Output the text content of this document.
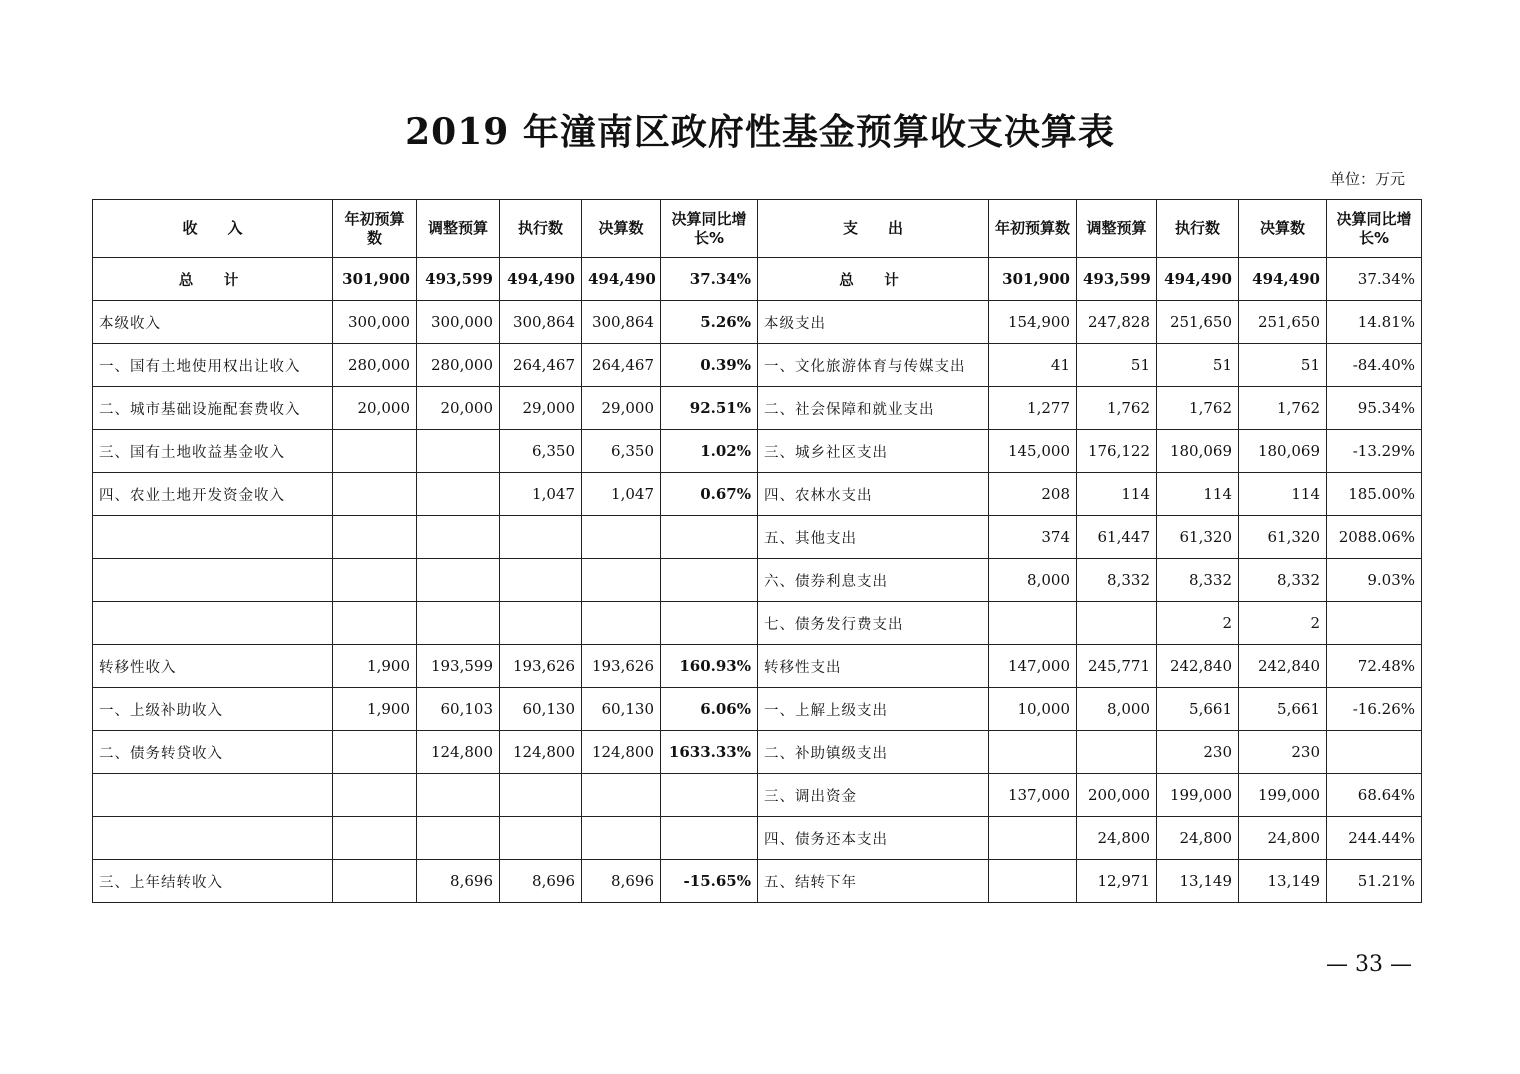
2019 年潼南区政府性基金预算收支决算表
单位：万元
收　　入	年初预算数	调整预算	执行数	决算数	决算同比增长%	支　　出	年初预算数	调整预算	执行数	决算数	决算同比增长%
总　计	301,900	493,599	494,490	494,490	37.34%	总　计	301,900	493,599	494,490	494,490	37.34%
本级收入	300,000	300,000	300,864	300,864	5.26%	本级支出	154,900	247,828	251,650	251,650	14.81%
一、国有土地使用权出让收入	280,000	280,000	264,467	264,467	0.39%	一、文化旅游体育与传媒支出	41	51	51	51	-84.40%
二、城市基础设施配套费收入	20,000	20,000	29,000	29,000	92.51%	二、社会保障和就业支出	1,277	1,762	1,762	1,762	95.34%
三、国有土地收益基金收入			6,350	6,350	1.02%	三、城乡社区支出	145,000	176,122	180,069	180,069	-13.29%
四、农业土地开发资金收入			1,047	1,047	0.67%	四、农林水支出	208	114	114	114	185.00%
						五、其他支出	374	61,447	61,320	61,320	2088.06%
						六、债券利息支出	8,000	8,332	8,332	8,332	9.03%
						七、债务发行费支出			2	2	
转移性收入	1,900	193,599	193,626	193,626	160.93%	转移性支出	147,000	245,771	242,840	242,840	72.48%
一、上级补助收入	1,900	60,103	60,130	60,130	6.06%	一、上解上级支出	10,000	8,000	5,661	5,661	-16.26%
二、债务转贷收入		124,800	124,800	124,800	1633.33%	二、补助镇级支出			230	230	
						三、调出资金	137,000	200,000	199,000	199,000	68.64%
						四、债务还本支出		24,800	24,800	24,800	244.44%
三、上年结转收入		8,696	8,696	8,696	-15.65%	五、结转下年		12,971	13,149	13,149	51.21%
— 33 —
